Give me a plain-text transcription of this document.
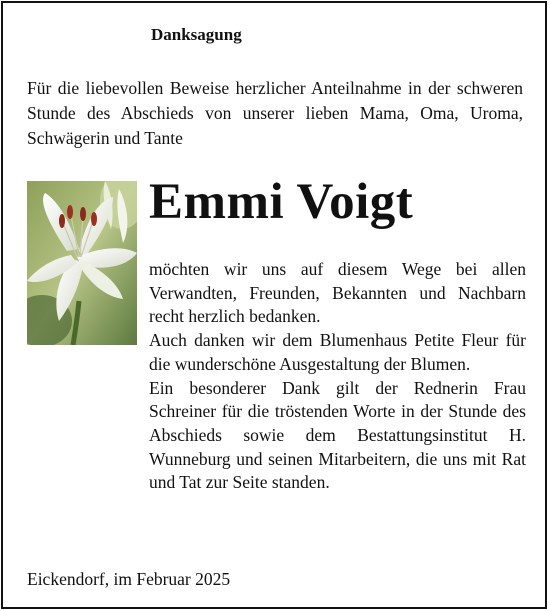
Danksagung
Für die liebevollen Beweise herzlicher Anteilnahme in der schweren Stunde des Abschieds von unserer lieben Mama, Oma, Uroma, Schwägerin und Tante
Emmi Voigt

möchten wir uns auf diesem Wege bei allen Verwandten, Freunden, Bekannten und Nachbarn recht herzlich bedanken.

Auch danken wir dem Blumenhaus Petite Fleur für die wunderschöne Ausgestaltung der Blumen.

Ein besonderer Dank gilt der Rednerin Frau Schreiner für die tröstenden Worte in der Stunde des Abschieds sowie dem Bestattungsinstitut H. Wunneburg und seinen Mitarbeitern, die uns mit Rat und Tat zur Seite standen.

Eickendorf, im Februar 2025
